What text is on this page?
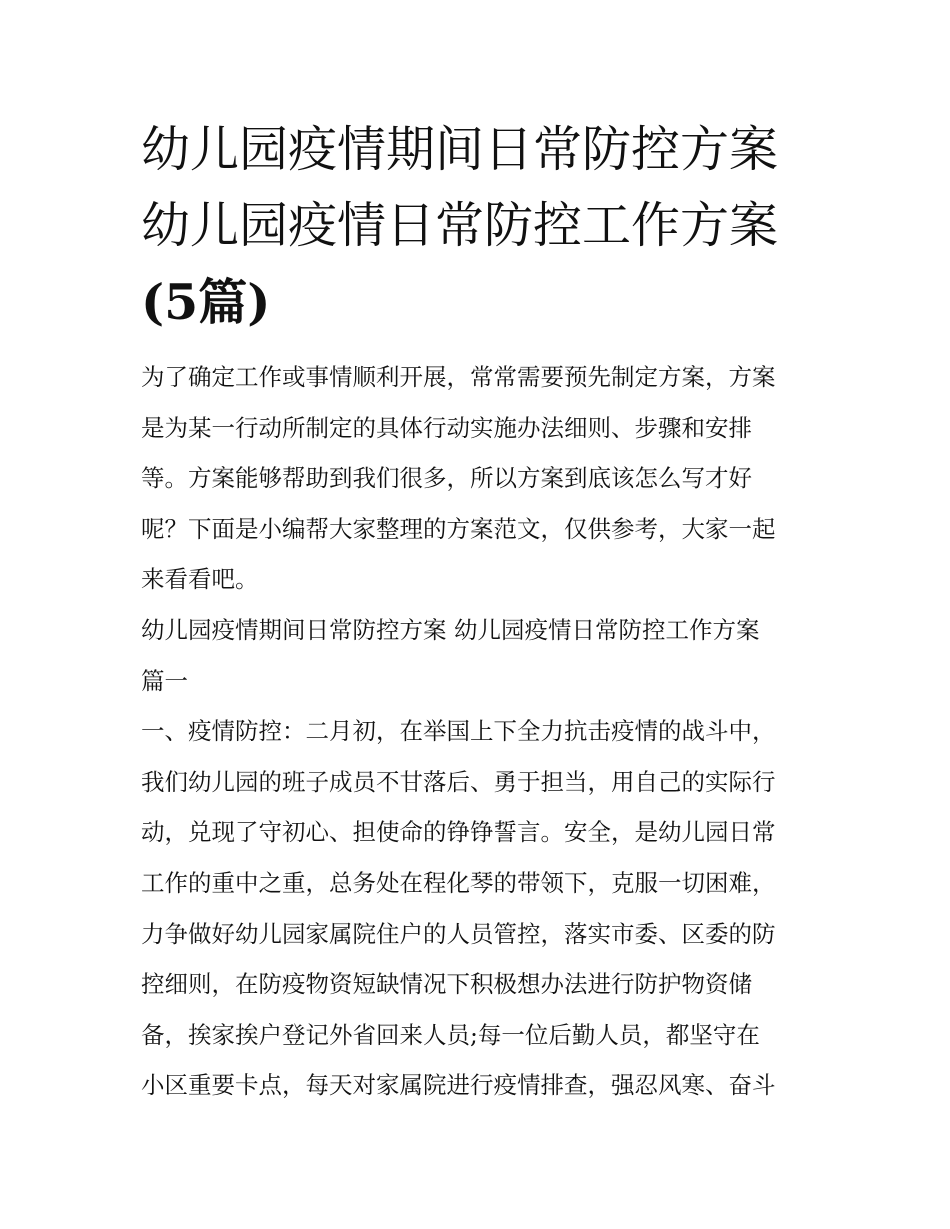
幼儿园疫情期间日常防控方案
幼儿园疫情日常防控工作方案
(5篇)

为了确定工作或事情顺利开展，常常需要预先制定方案，方案
是为某一行动所制定的具体行动实施办法细则、步骤和安排
等。方案能够帮助到我们很多，所以方案到底该怎么写才好
呢？下面是小编帮大家整理的方案范文，仅供参考，大家一起
来看看吧。

幼儿园疫情期间日常防控方案 幼儿园疫情日常防控工作方案
篇一

一、疫情防控：二月初，在举国上下全力抗击疫情的战斗中，
我们幼儿园的班子成员不甘落后、勇于担当，用自己的实际行
动，兑现了守初心、担使命的铮铮誓言。安全，是幼儿园日常
工作的重中之重，总务处在程化琴的带领下，克服一切困难，
力争做好幼儿园家属院住户的人员管控，落实市委、区委的防
控细则，在防疫物资短缺情况下积极想办法进行防护物资储
备，挨家挨户登记外省回来人员;每一位后勤人员，都坚守在
小区重要卡点，每天对家属院进行疫情排查，强忍风寒、奋斗
